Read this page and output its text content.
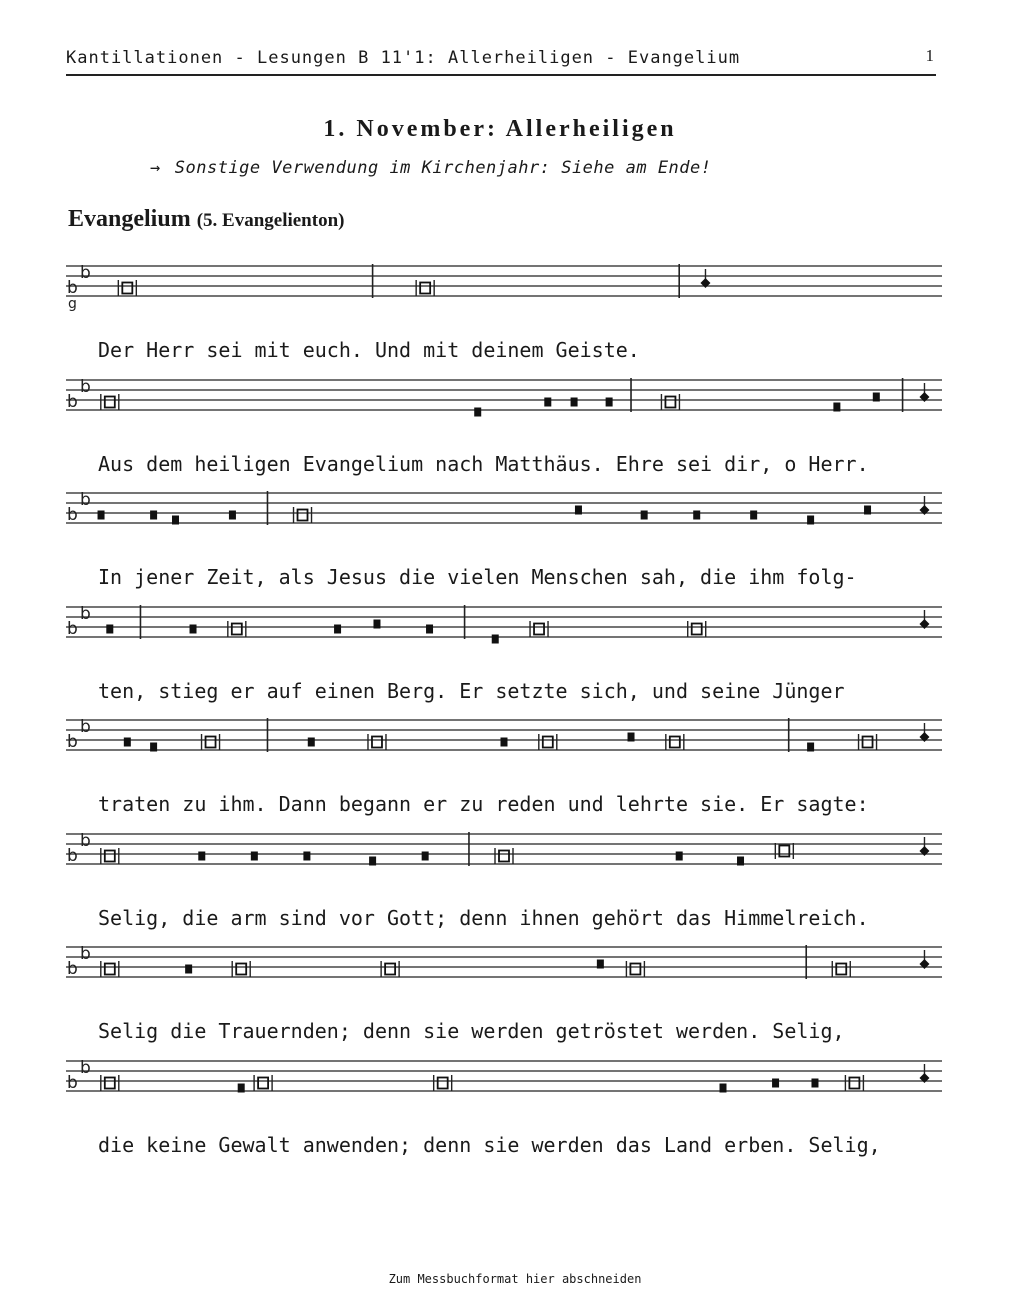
Kantillationen - Lesungen B 11'1: Allerheiligen - Evangelium	1
1. November: Allerheiligen
→ Sonstige Verwendung im Kirchenjahr: Siehe am Ende!
Evangelium (5. Evangelienton)
b
b
g
Der Herr sei mit euch. Und mit deinem Geiste.
b
b
Aus dem heiligen Evangelium nach Matthäus. Ehre sei dir, o Herr.
b
b
In jener Zeit, als Jesus die vielen Menschen sah, die ihm folg-
b
b
ten, stieg er auf einen Berg. Er setzte sich, und seine Jünger
b
b
traten zu ihm. Dann begann er zu reden und lehrte sie. Er sagte:
b
b
Selig, die arm sind vor Gott; denn ihnen gehört das Himmelreich.
b
b
Selig die Trauernden; denn sie werden getröstet werden. Selig,
b
b
die keine Gewalt anwenden; denn sie werden das Land erben. Selig,
Zum Messbuchformat hier abschneiden
